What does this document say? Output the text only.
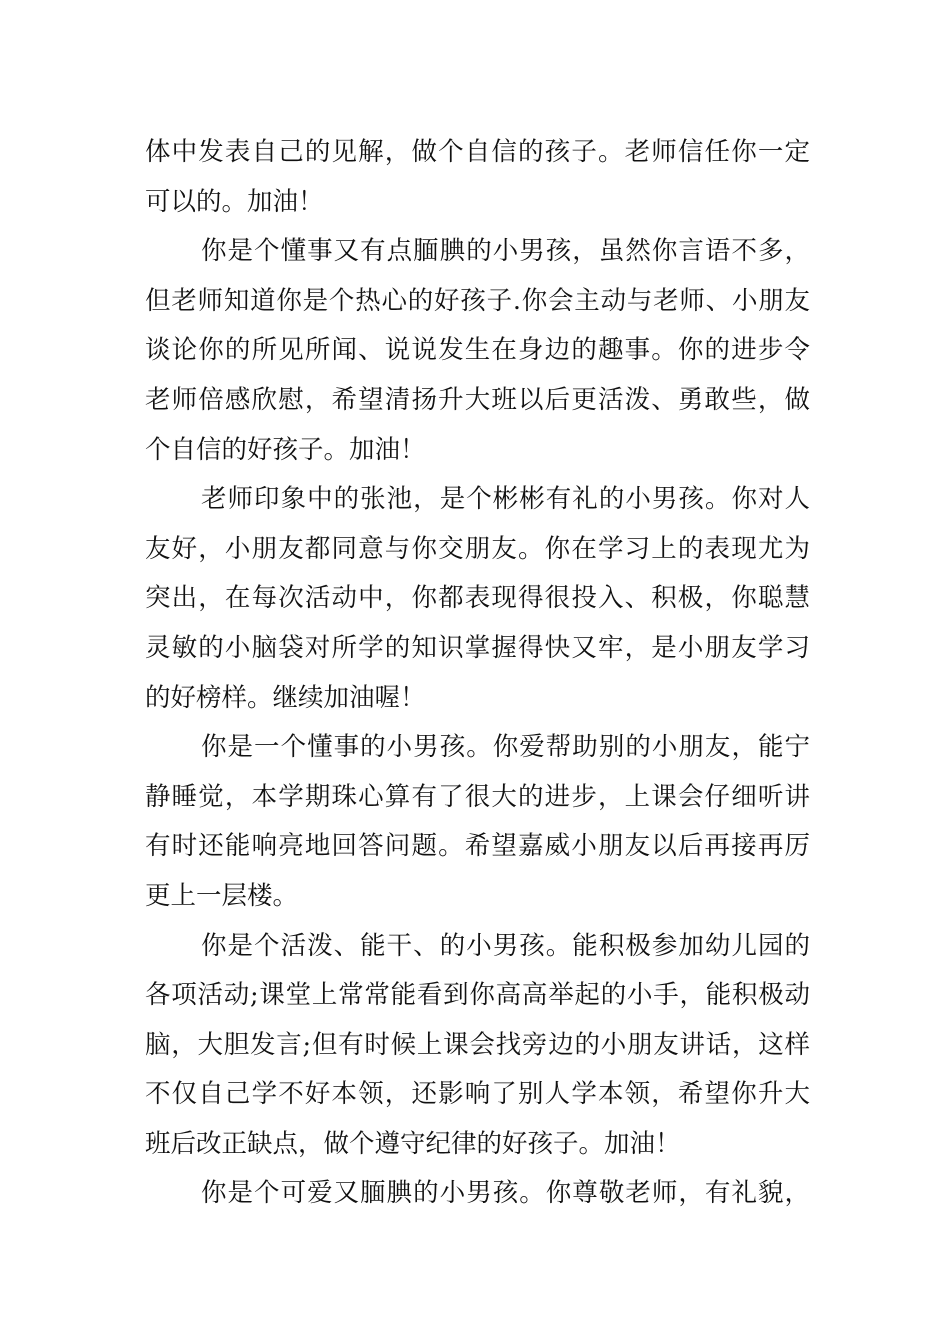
体中发表自己的见解，做个自信的孩子。老师信任你一定
可以的。加油！
你是个懂事又有点腼腆的小男孩，虽然你言语不多，
但老师知道你是个热心的好孩子.你会主动与老师、小朋友
谈论你的所见所闻、说说发生在身边的趣事。你的进步令
老师倍感欣慰，希望清扬升大班以后更活泼、勇敢些，做
个自信的好孩子。加油！
老师印象中的张池，是个彬彬有礼的小男孩。你对人
友好，小朋友都同意与你交朋友。你在学习上的表现尤为
突出，在每次活动中，你都表现得很投入、积极，你聪慧
灵敏的小脑袋对所学的知识掌握得快又牢，是小朋友学习
的好榜样。继续加油喔！
你是一个懂事的小男孩。你爱帮助别的小朋友，能宁
静睡觉，本学期珠心算有了很大的进步，上课会仔细听讲
有时还能响亮地回答问题。希望嘉威小朋友以后再接再厉
更上一层楼。
你是个活泼、能干、的小男孩。能积极参加幼儿园的
各项活动;课堂上常常能看到你高高举起的小手，能积极动
脑，大胆发言;但有时候上课会找旁边的小朋友讲话，这样
不仅自己学不好本领，还影响了别人学本领，希望你升大
班后改正缺点，做个遵守纪律的好孩子。加油！
你是个可爱又腼腆的小男孩。你尊敬老师，有礼貌，
